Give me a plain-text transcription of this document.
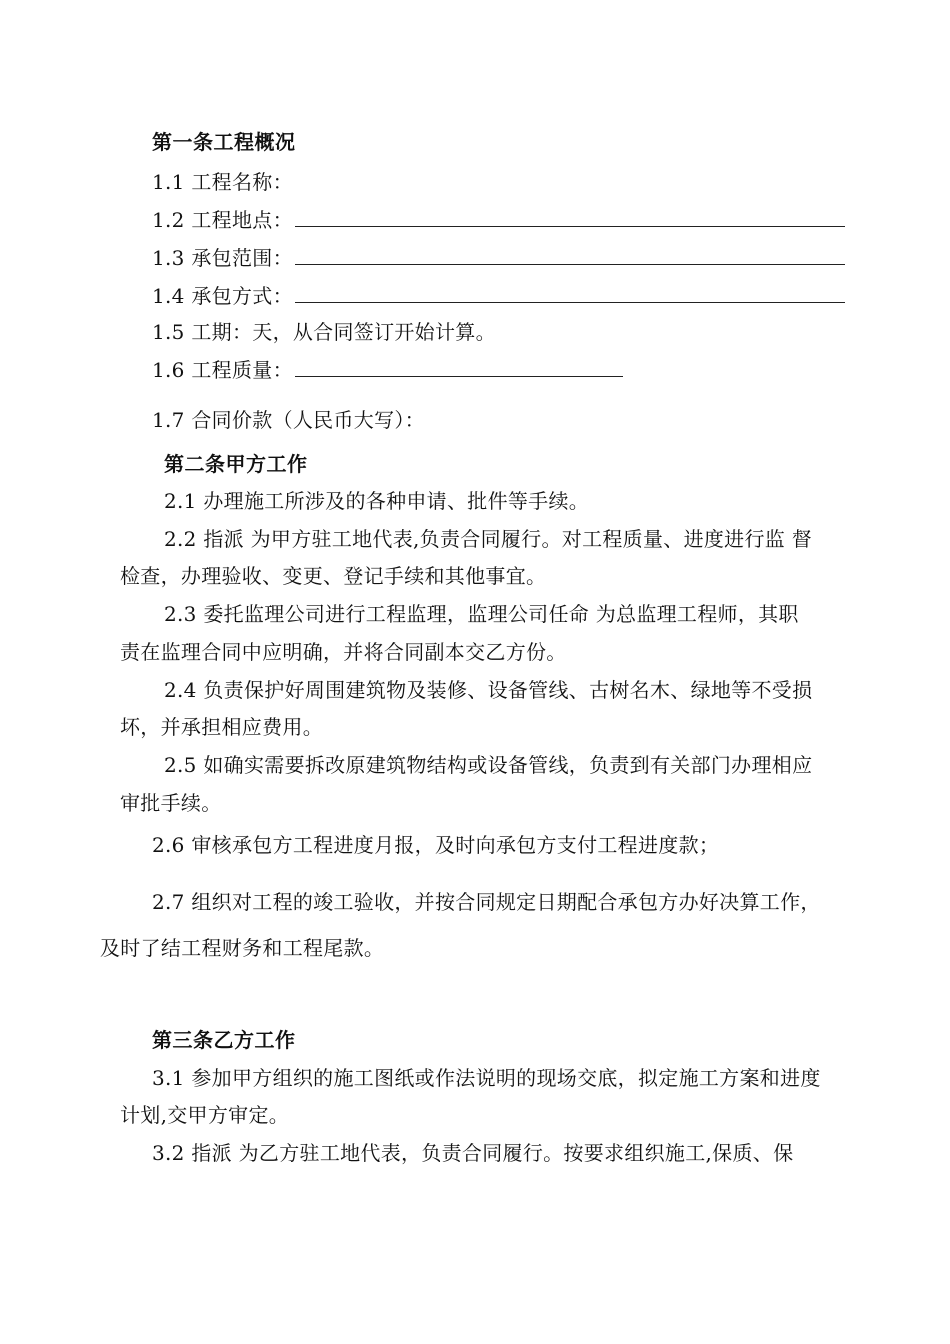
第一条工程概况
1.1 工程名称：
1.2 工程地点：
1.3 承包范围：
1.4 承包方式：
1.5 工期：天，从合同签订开始计算。
1.6 工程质量：
1.7 合同价款（人民币大写）：
第二条甲方工作
2.1 办理施工所涉及的各种申请、批件等手续。
2.2 指派 为甲方驻工地代表,负责合同履行。对工程质量、进度进行监 督
检查，办理验收、变更、登记手续和其他事宜。
2.3 委托监理公司进行工程监理，监理公司任命 为总监理工程师，其职
责在监理合同中应明确，并将合同副本交乙方份。
2.4 负责保护好周围建筑物及装修、设备管线、古树名木、绿地等不受损
坏，并承担相应费用。
2.5 如确实需要拆改原建筑物结构或设备管线，负责到有关部门办理相应
审批手续。
2.6 审核承包方工程进度月报，及时向承包方支付工程进度款；
2.7 组织对工程的竣工验收，并按合同规定日期配合承包方办好决算工作，
及时了结工程财务和工程尾款。
第三条乙方工作
3.1 参加甲方组织的施工图纸或作法说明的现场交底，拟定施工方案和进度
计划,交甲方审定。
3.2 指派 为乙方驻工地代表，负责合同履行。按要求组织施工,保质、保
